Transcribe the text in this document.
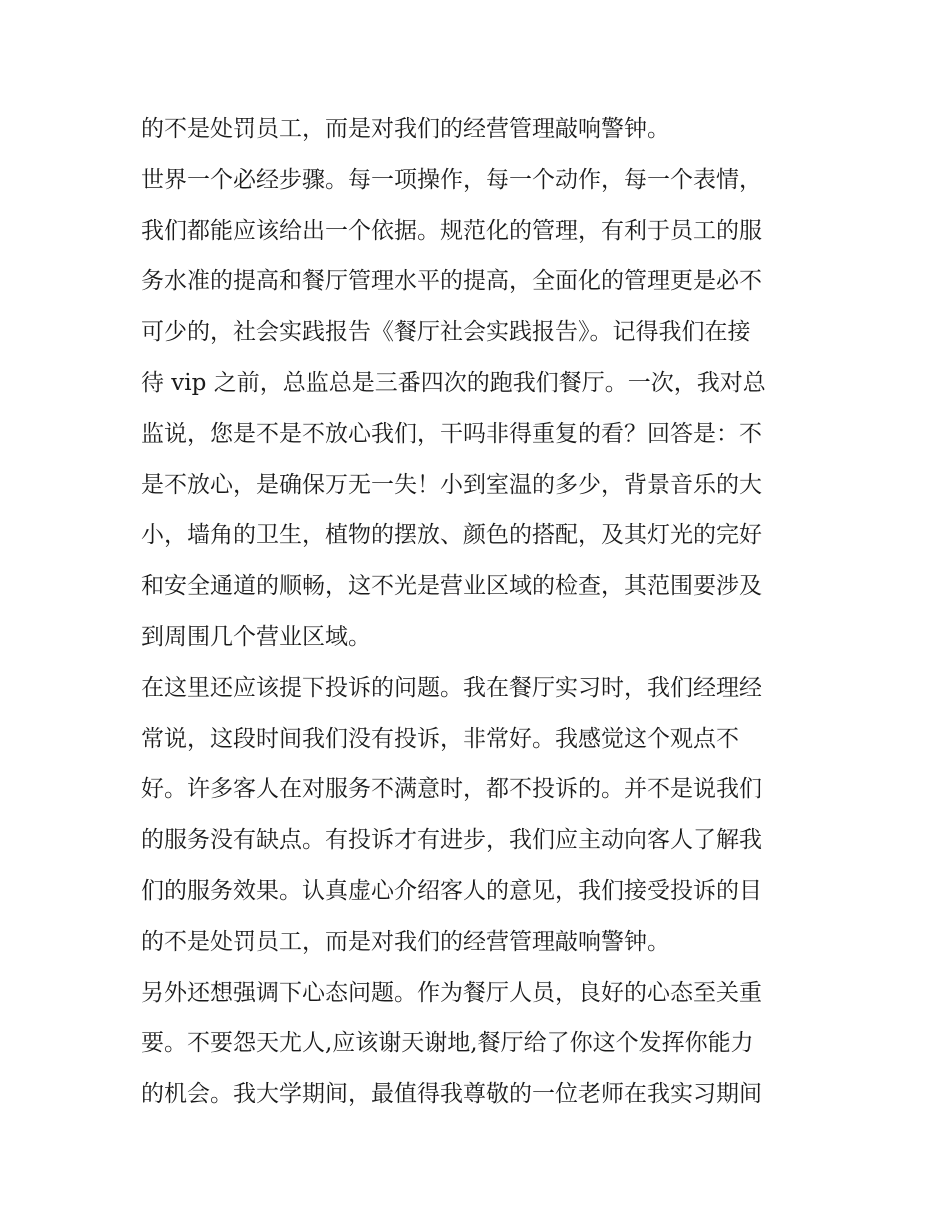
的不是处罚员工，而是对我们的经营管理敲响警钟。
世界一个必经步骤。每一项操作，每一个动作，每一个表情，
我们都能应该给出一个依据。规范化的管理，有利于员工的服
务水准的提高和餐厅管理水平的提高，全面化的管理更是必不
可少的，社会实践报告《餐厅社会实践报告》。记得我们在接
待 vip 之前，总监总是三番四次的跑我们餐厅。一次，我对总
监说，您是不是不放心我们，干吗非得重复的看？回答是：不
是不放心，是确保万无一失！小到室温的多少，背景音乐的大
小，墙角的卫生，植物的摆放、颜色的搭配，及其灯光的完好
和安全通道的顺畅，这不光是营业区域的检查，其范围要涉及
到周围几个营业区域。
在这里还应该提下投诉的问题。我在餐厅实习时，我们经理经
常说，这段时间我们没有投诉，非常好。我感觉这个观点不
好。许多客人在对服务不满意时，都不投诉的。并不是说我们
的服务没有缺点。有投诉才有进步，我们应主动向客人了解我
们的服务效果。认真虚心介绍客人的意见，我们接受投诉的目
的不是处罚员工，而是对我们的经营管理敲响警钟。
另外还想强调下心态问题。作为餐厅人员，良好的心态至关重
要。不要怨天尤人,应该谢天谢地,餐厅给了你这个发挥你能力
的机会。我大学期间，最值得我尊敬的一位老师在我实习期间
